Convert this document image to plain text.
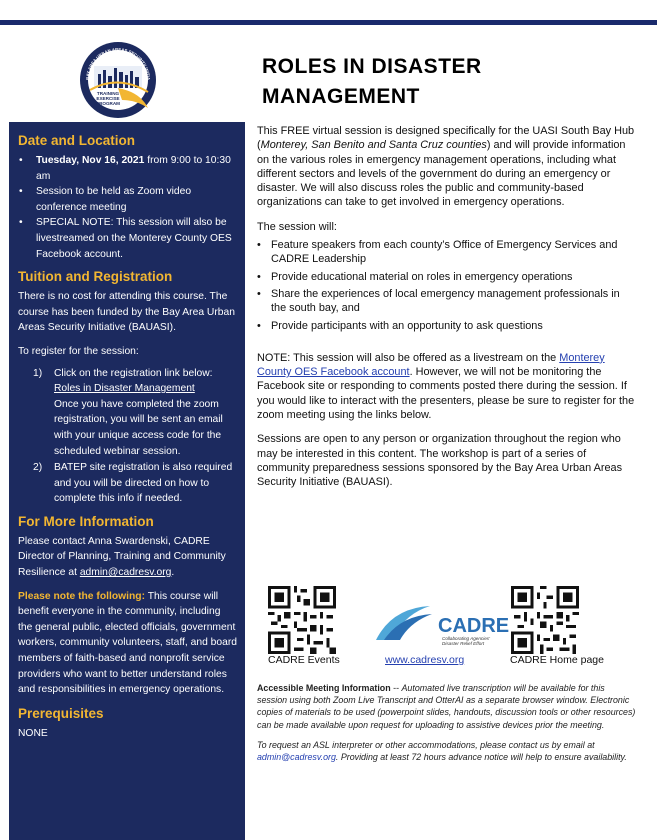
BAY AREA URBAN AREAS SECURITY INITIA
TRAINING
EXERCISE
PROGRAM
ROLES IN DISASTER
MANAGEMENT
Date and Location
• Tuesday, Nov 16, 2021 from 9:00 to 10:30 am
• Session to be held as Zoom video conference meeting
• SPECIAL NOTE: This session will also be livestreamed on the Monterey County OES Facebook account.
Tuition and Registration

There is no cost for attending this course. The course has been funded by the Bay Area Urban Areas Security Initiative (BAUASI).

To register for the session:

1) Click on the registration link below:
Roles in Disaster Management
Once you have completed the zoom registration, you will be sent an email with your unique access code for the scheduled webinar session.
2) BATEP site registration is also required and you will be directed on how to complete this info if needed.
For More Information

Please contact Anna Swardenski, CADRE Director of Planning, Training and Community Resilience at admin@cadresv.org.

Please note the following: This course will benefit everyone in the community, including the general public, elected officials, government workers, community volunteers, staff, and board members of faith-based and nonprofit service providers who want to better understand roles and responsibilities in emergency operations.

Prerequisites

NONE

This FREE virtual session is designed specifically for the UASI South Bay Hub (Monterey, San Benito and Santa Cruz counties) and will provide information on the various roles in emergency management operations, including what different sectors and levels of the government do during an emergency or disaster. We will also discuss roles the public and community-based organizations can take to get involved in emergency operations.

The session will:

• Feature speakers from each county’s Office of Emergency Services and CADRE Leadership
• Provide educational material on roles in emergency operations
• Share the experiences of local emergency management professionals in the south bay, and
• Provide participants with an opportunity to ask questions

NOTE: This session will also be offered as a livestream on the Monterey County OES Facebook account. However, we will not be monitoring the Facebook site or responding to comments posted there during the session. If you would like to interact with the presenters, please be sure to register for the zoom meeting using the links below.

Sessions are open to any person or organization throughout the region who may be interested in this content. The workshop is part of a series of community preparedness sessions sponsored by the Bay Area Urban Areas Security Initiative (BAUASI).

CADRE Events
CADRE
Collaborating Agencies'
Disaster Relief Effort
www.cadresv.org	CADRE Home page

Accessible Meeting Information -- Automated live transcription will be available for this session using both Zoom Live Transcript and OtterAI as a separate browser window. Electronic copies of materials to be used (powerpoint slides, handouts, discussion tools or other resources) can be made available upon request for uploading to assistive devices prior the meeting.

To request an ASL interpreter or other accommodations, please contact us by email at admin@cadresv.org. Providing at least 72 hours advance notice will help to ensure availability.
